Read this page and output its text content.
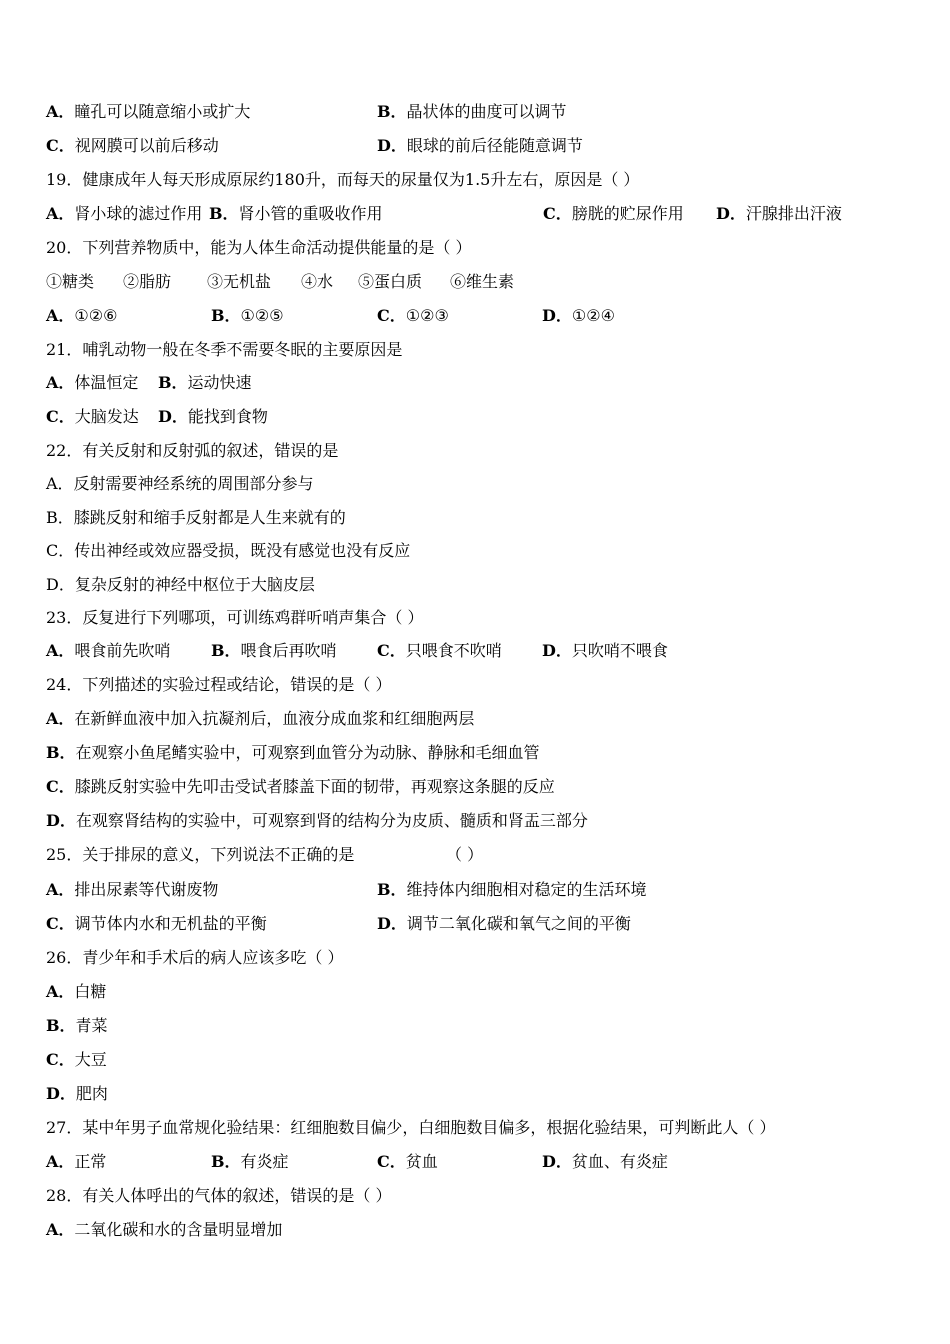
A．瞳孔可以随意缩小或扩大	B．晶状体的曲度可以调节
C．视网膜可以前后移动	D．眼球的前后径能随意调节
19．健康成年人每天形成原尿约180升，而每天的尿量仅为1.5升左右，原因是（ ）
A．肾小球的滤过作用 B．肾小管的重吸收作用	C．膀胱的贮尿作用 D．汗腺排出汗液
20．下列营养物质中，能为人体生命活动提供能量的是（ ）
①糖类 ②脂肪 ③无机盐 ④水 ⑤蛋白质 ⑥维生素
A．①②⑥	B．①②⑤	C．①②③	D．①②④
21．哺乳动物一般在冬季不需要冬眠的主要原因是
A．体温恒定 B．运动快速
C．大脑发达 D．能找到食物
22．有关反射和反射弧的叙述，错误的是
A．反射需要神经系统的周围部分参与
B．膝跳反射和缩手反射都是人生来就有的
C．传出神经或效应器受损，既没有感觉也没有反应
D．复杂反射的神经中枢位于大脑皮层
23．反复进行下列哪项，可训练鸡群听哨声集合（ ）
A．喂食前先吹哨	B．喂食后再吹哨	C．只喂食不吹哨	D．只吹哨不喂食
24．下列描述的实验过程或结论，错误的是（ ）
A．在新鲜血液中加入抗凝剂后，血液分成血浆和红细胞两层
B．在观察小鱼尾鳍实验中，可观察到血管分为动脉、静脉和毛细血管
C．膝跳反射实验中先叩击受试者膝盖下面的韧带，再观察这条腿的反应
D．在观察肾结构的实验中，可观察到肾的结构分为皮质、髓质和肾盂三部分
25．关于排尿的意义，下列说法不正确的是	（ ）
A．排出尿素等代谢废物	B．维持体内细胞相对稳定的生活环境
C．调节体内水和无机盐的平衡	D．调节二氧化碳和氧气之间的平衡
26．青少年和手术后的病人应该多吃（ ）
A．白糖
B．青菜
C．大豆
D．肥肉
27．某中年男子血常规化验结果：红细胞数目偏少，白细胞数目偏多，根据化验结果，可判断此人（ ）
A．正常	B．有炎症	C．贫血	D．贫血、有炎症
28．有关人体呼出的气体的叙述，错误的是（ ）
A．二氧化碳和水的含量明显增加
